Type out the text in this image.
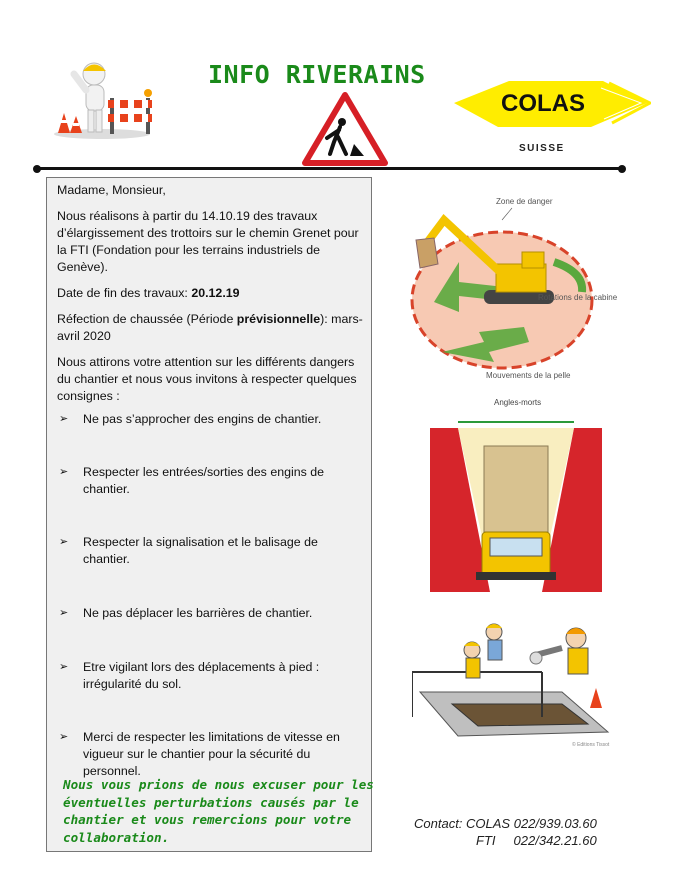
INFO RIVERAINS
COLAS
SUISSE

Madame, Monsieur,

Nous réalisons à partir du 14.10.19 des travaux d’élargissement des trottoirs sur le chemin Grenet pour la FTI (Fondation pour les terrains industriels de Genève).

Date de fin des travaux: 20.12.19

Réfection de chaussée (Période prévisionnelle): mars-avril 2020

Nous attirons votre attention sur les différents dangers du chantier et nous vous invitons à respecter quelques consignes :

➢ Ne pas s’approcher des engins de chantier.
➢ Respecter les entrées/sorties des engins de chantier.
➢ Respecter la signalisation et le balisage de chantier.
➢ Ne pas déplacer les barrières de chantier.
➢ Etre vigilant lors des déplacements à pied : irrégularité du sol.
➢ Merci de respecter les limitations de vitesse en vigueur sur le chantier pour la sécurité du personnel.
Nous vous prions de nous excuser pour les éventuelles perturbations causés par le chantier et vous remercions pour votre collaboration.
Zone de danger
Rotations de la cabine
Mouvements de la pelle
Angles-morts
© Editions Tissot
Contact: COLAS 022/939.03.60
FTI     022/342.21.60
